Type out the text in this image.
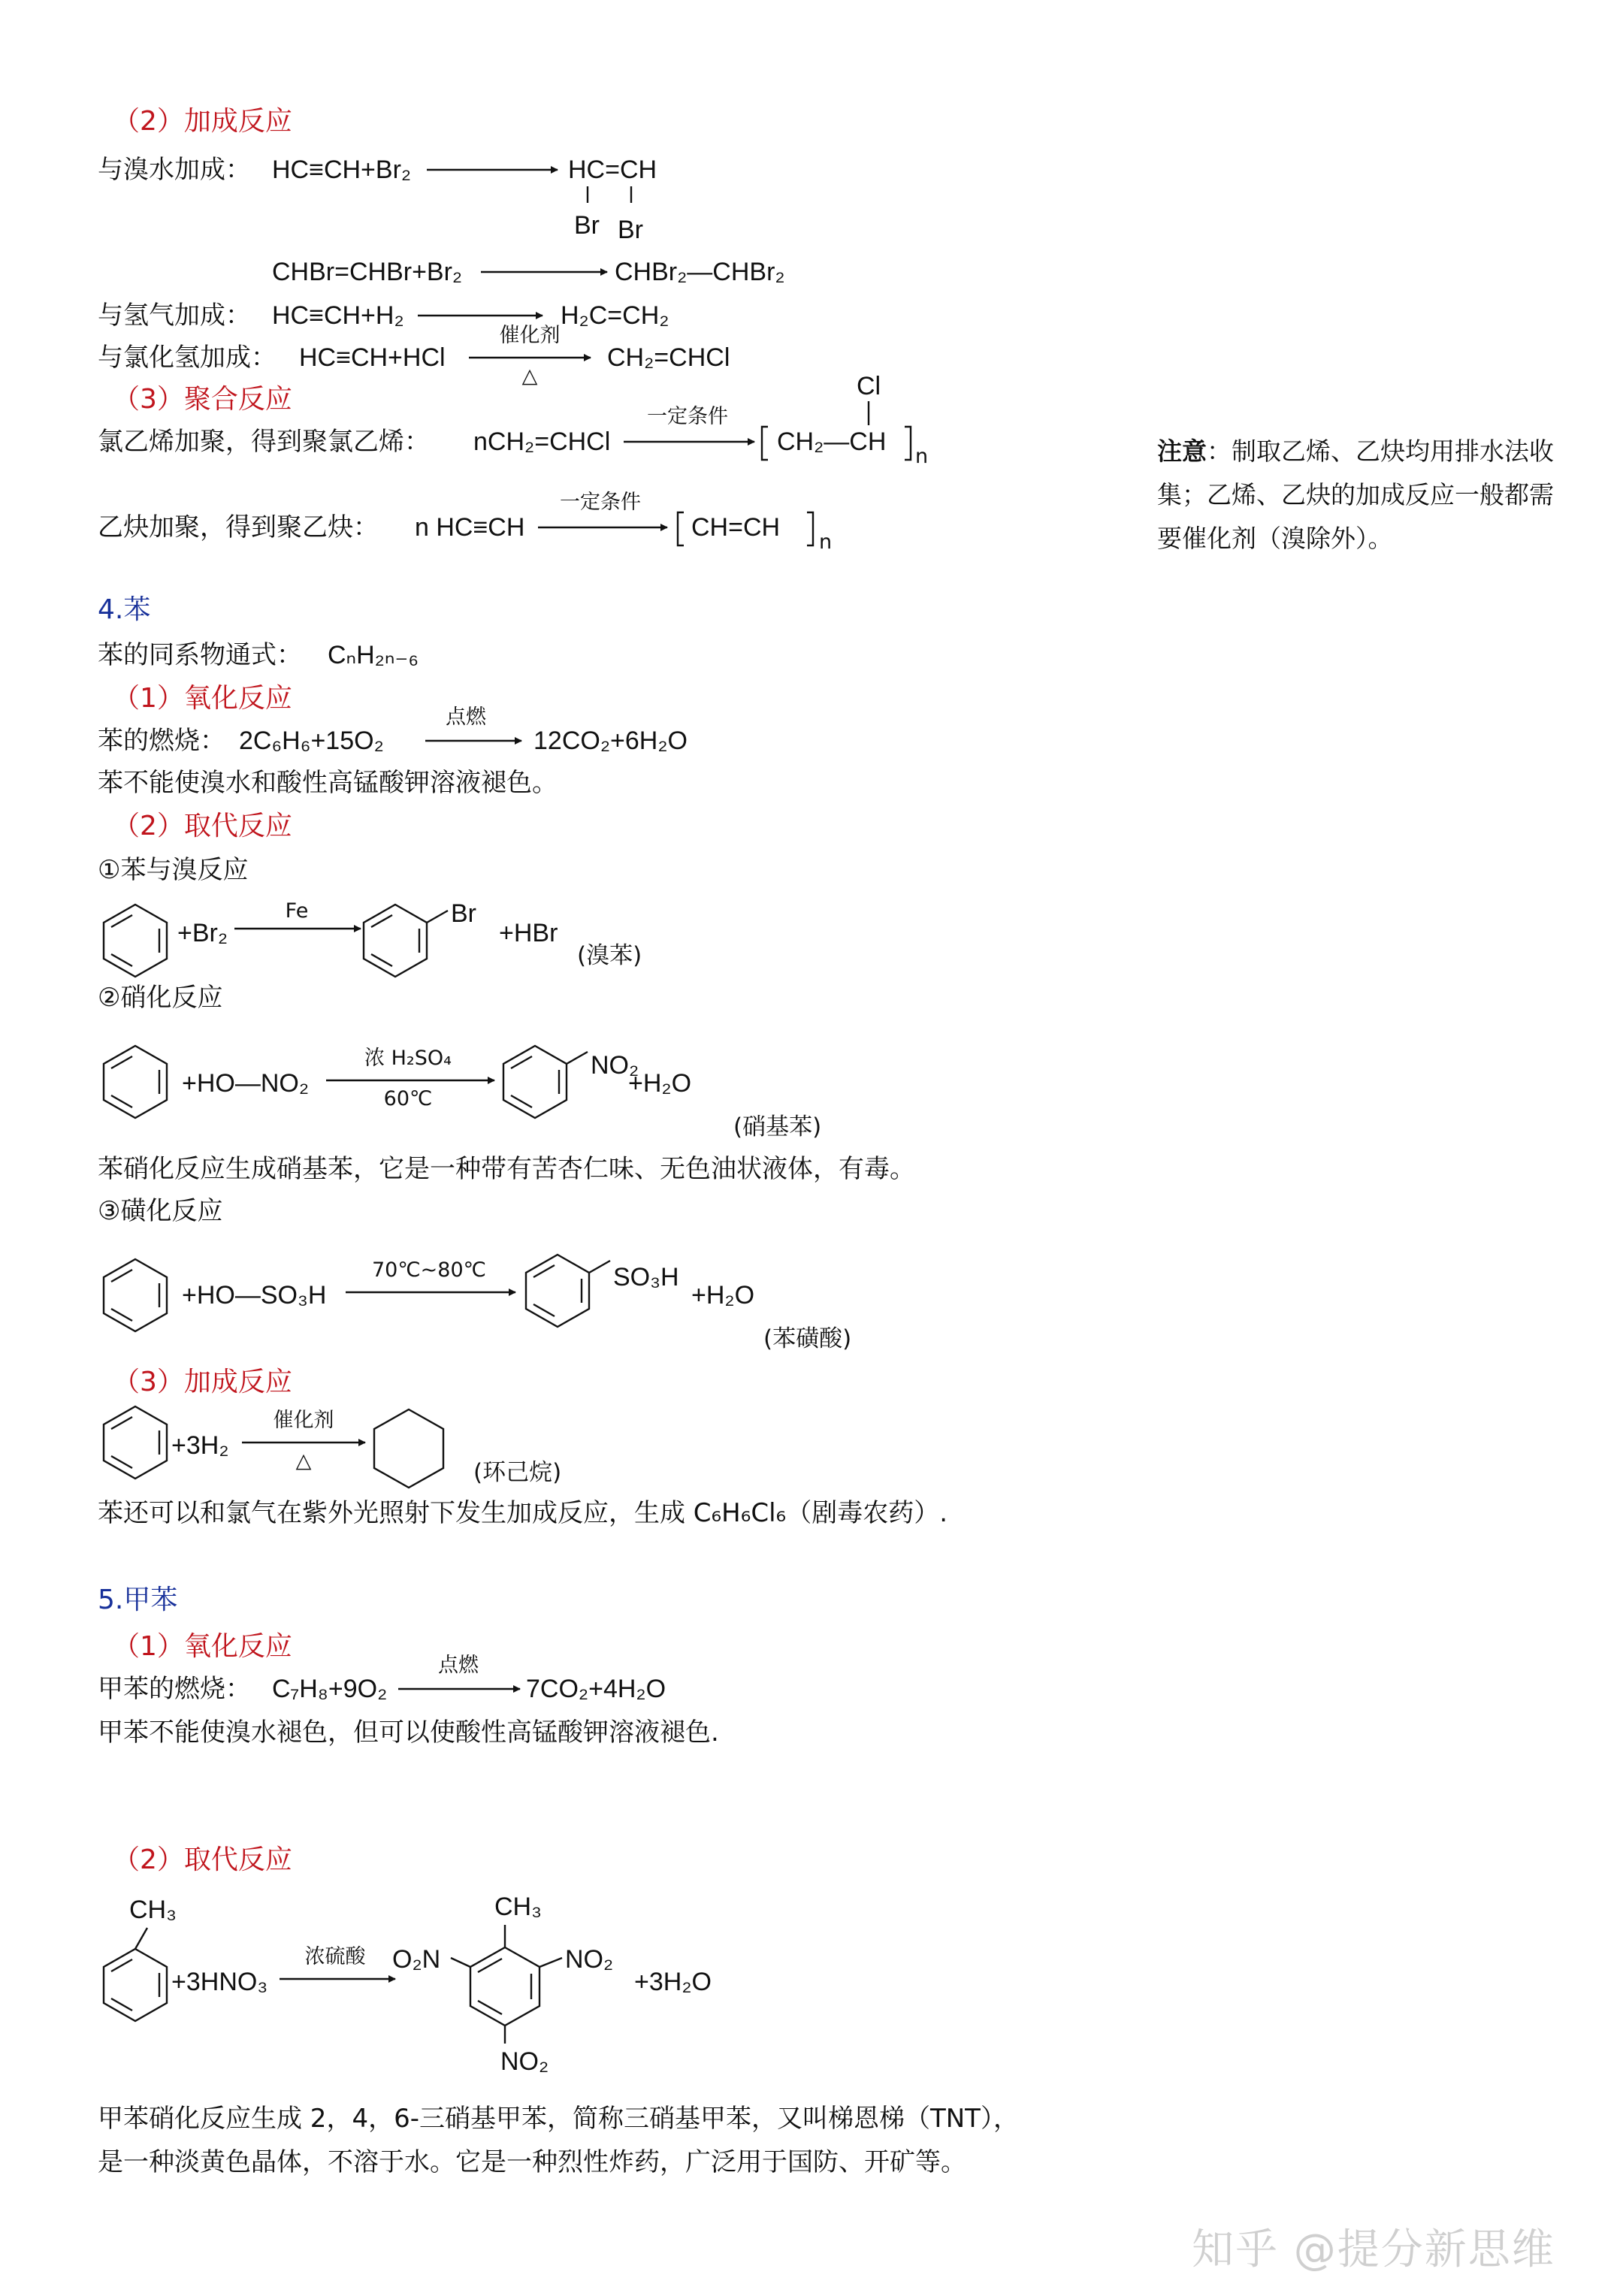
（2）加成反应
与溴水加成： HC≡CH+Br₂	HC=CH
Br Br
CHBr=CHBr+Br₂	CHBr₂—CHBr₂
与氢气加成： HC≡CH+H₂	H₂C=CH₂
与氯化氢加成： HC≡CH+HCl
催化剂
△
CH₂=CHCl
（3）聚合反应
氯乙烯加聚，得到聚氯乙烯： nCH₂=CHCl
一定条件
Cl
CH₂—CH
n
乙炔加聚，得到聚乙炔： n HC≡CH
一定条件
CH=CH
n
注意：制取乙烯、乙炔均用排水法收集；乙烯、乙炔的加成反应一般都需要催化剂（溴除外）。
4.苯
苯的同系物通式： CₙH₂ₙ₋₆
（1）氧化反应
苯的燃烧： 2C₆H₆+15O₂
点燃
12CO₂+6H₂O
苯不能使溴水和酸性高锰酸钾溶液褪色。
（2）取代反应
①苯与溴反应
+Br₂
Fe	Br
+HBr
(溴苯)
②硝化反应
+HO—NO₂
浓 H₂SO₄
60℃
NO₂
+H₂O
(硝基苯)
苯硝化反应生成硝基苯，它是一种带有苦杏仁味、无色油状液体，有毒。
③磺化反应
+HO—SO₃H
70℃~80℃	SO₃H
+H₂O
(苯磺酸)
（3）加成反应
+3H₂
催化剂
△	(环己烷)
苯还可以和氯气在紫外光照射下发生加成反应，生成 C₆H₆Cl₆（剧毒农药）.
5.甲苯
（1）氧化反应
甲苯的燃烧： C₇H₈+9O₂
点燃
7CO₂+4H₂O
甲苯不能使溴水褪色，但可以使酸性高锰酸钾溶液褪色.
（2）取代反应
CH₃
+3HNO₃
浓硫酸
CH₃
O₂N	NO₂
NO₂
+3H₂O
甲苯硝化反应生成 2，4，6-三硝基甲苯，简称三硝基甲苯，又叫梯恩梯（TNT），
是一种淡黄色晶体，不溶于水。它是一种烈性炸药，广泛用于国防、开矿等。
知乎 @提分新思维
